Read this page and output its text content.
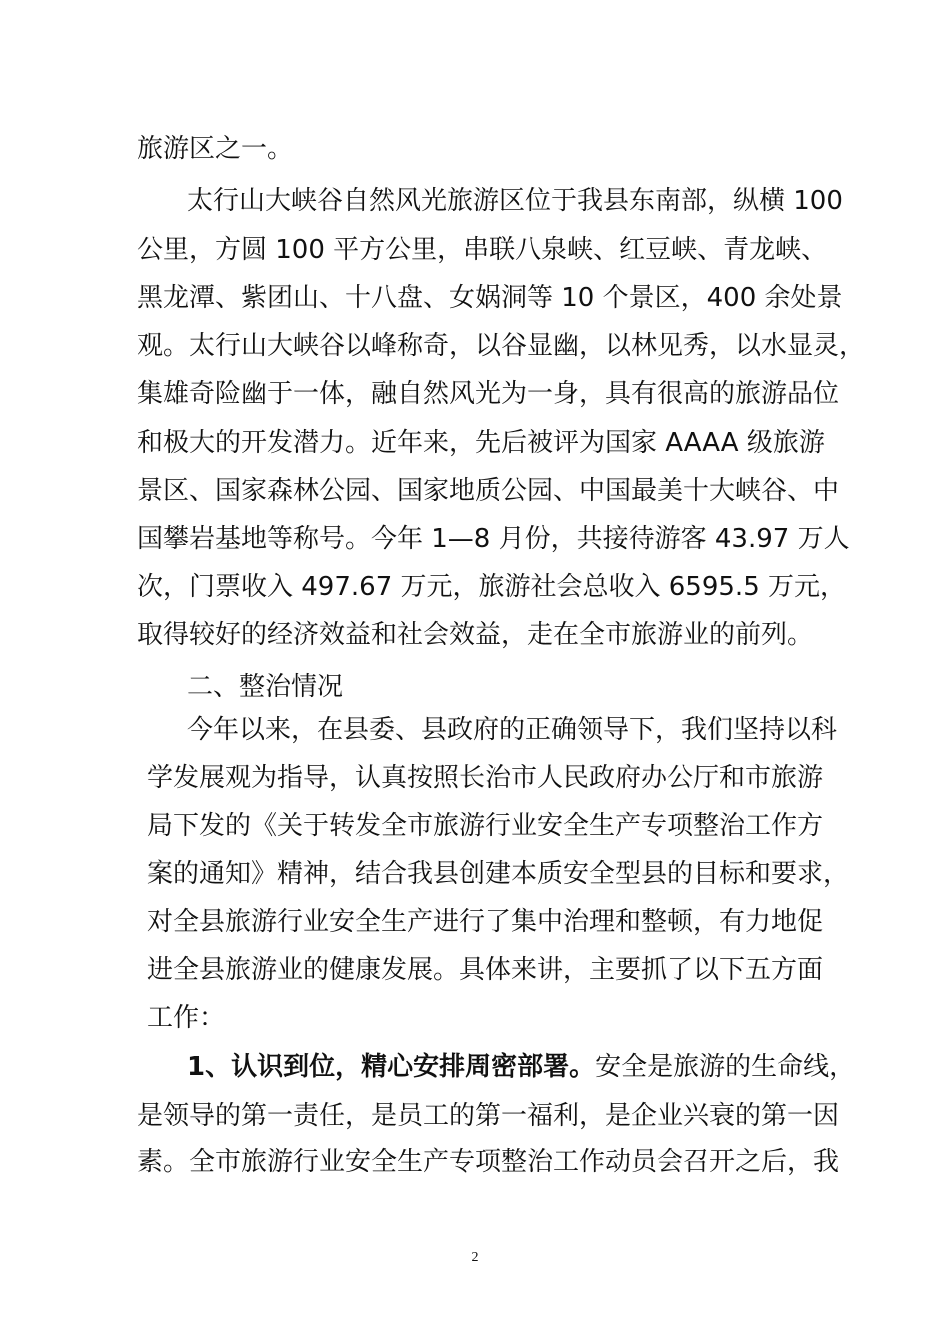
旅游区之一。

太行山大峡谷自然风光旅游区位于我县东南部，纵横 100

公里，方圆 100 平方公里，串联八泉峡、红豆峡、青龙峡、

黑龙潭、紫团山、十八盘、女娲洞等 10 个景区，400 余处景

观。太行山大峡谷以峰称奇，以谷显幽，以林见秀，以水显灵，

集雄奇险幽于一体，融自然风光为一身，具有很高的旅游品位

和极大的开发潜力。近年来，先后被评为国家 AAAA 级旅游

景区、国家森林公园、国家地质公园、中国最美十大峡谷、中

国攀岩基地等称号。今年 1—8 月份，共接待游客 43.97 万人

次，门票收入 497.67 万元，旅游社会总收入 6595.5 万元，

取得较好的经济效益和社会效益，走在全市旅游业的前列。

二、整治情况

今年以来，在县委、县政府的正确领导下，我们坚持以科

学发展观为指导，认真按照长治市人民政府办公厅和市旅游

局下发的《关于转发全市旅游行业安全生产专项整治工作方

案的通知》精神，结合我县创建本质安全型县的目标和要求，

对全县旅游行业安全生产进行了集中治理和整顿，有力地促

进全县旅游业的健康发展。具体来讲，主要抓了以下五方面

工作：

1、认识到位，精心安排周密部署。安全是旅游的生命线，

是领导的第一责任，是员工的第一福利，是企业兴衰的第一因

素。全市旅游行业安全生产专项整治工作动员会召开之后，我

2
